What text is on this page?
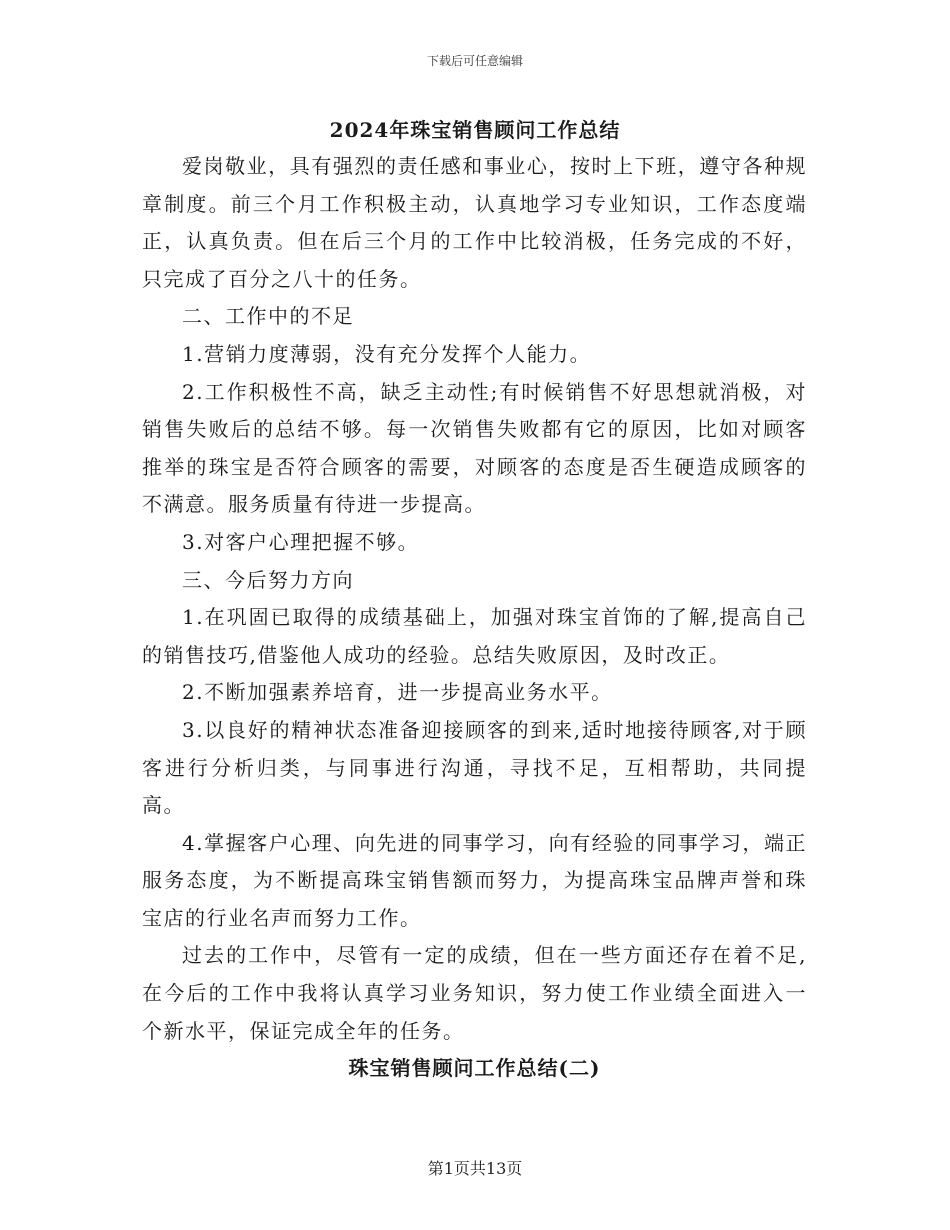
下载后可任意编辑
2024年珠宝销售顾问工作总结

爱岗敬业，具有强烈的责任感和事业心，按时上下班，遵守各种规章制度。前三个月工作积极主动，认真地学习专业知识，工作态度端正，认真负责。但在后三个月的工作中比较消极，任务完成的不好，只完成了百分之八十的任务。

二、工作中的不足

1.营销力度薄弱，没有充分发挥个人能力。

2.工作积极性不高，缺乏主动性;有时候销售不好思想就消极，对销售失败后的总结不够。每一次销售失败都有它的原因，比如对顾客推举的珠宝是否符合顾客的需要，对顾客的态度是否生硬造成顾客的不满意。服务质量有待进一步提高。

3.对客户心理把握不够。

三、今后努力方向

1.在巩固已取得的成绩基础上，加强对珠宝首饰的了解,提高自己的销售技巧,借鉴他人成功的经验。总结失败原因，及时改正。

2.不断加强素养培育，进一步提高业务水平。

3.以良好的精神状态准备迎接顾客的到来,适时地接待顾客,对于顾客进行分析归类，与同事进行沟通，寻找不足，互相帮助，共同提高。

4.掌握客户心理、向先进的同事学习，向有经验的同事学习，端正服务态度，为不断提高珠宝销售额而努力，为提高珠宝品牌声誉和珠宝店的行业名声而努力工作。

过去的工作中，尽管有一定的成绩，但在一些方面还存在着不足,在今后的工作中我将认真学习业务知识，努力使工作业绩全面进入一个新水平，保证完成全年的任务。

珠宝销售顾问工作总结(二)

第1页共13页
